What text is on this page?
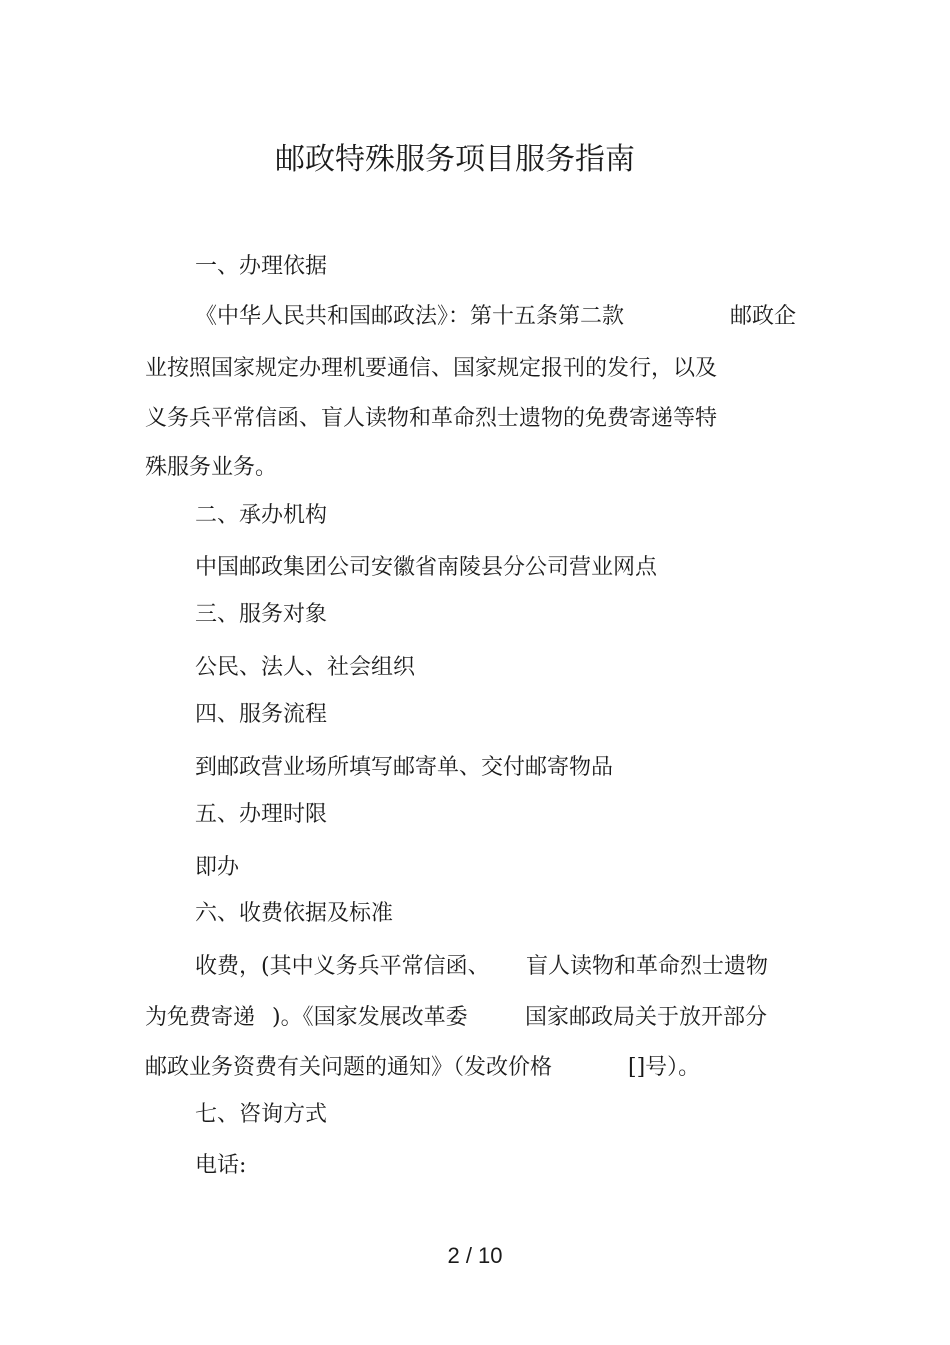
邮政特殊服务项目服务指南
一、办理依据
《中华人民共和国邮政法》：第十五条第二款	邮政企
业按照国家规定办理机要通信、国家规定报刊的发行，以及
义务兵平常信函、盲人读物和革命烈士遗物的免费寄递等特
殊服务业务。
二、承办机构
中国邮政集团公司安徽省南陵县分公司营业网点
三、服务对象
公民、法人、社会组织
四、服务流程
到邮政营业场所填写邮寄单、交付邮寄物品
五、办理时限
即办
六、收费依据及标准
收费，(其中义务兵平常信函、 盲人读物和革命烈士遗物
为免费寄递 )。《国家发展改革委	国家邮政局关于放开部分
邮政业务资费有关问题的通知》（发改价格	[]号）。
七、咨询方式
电话:
2 / 10
